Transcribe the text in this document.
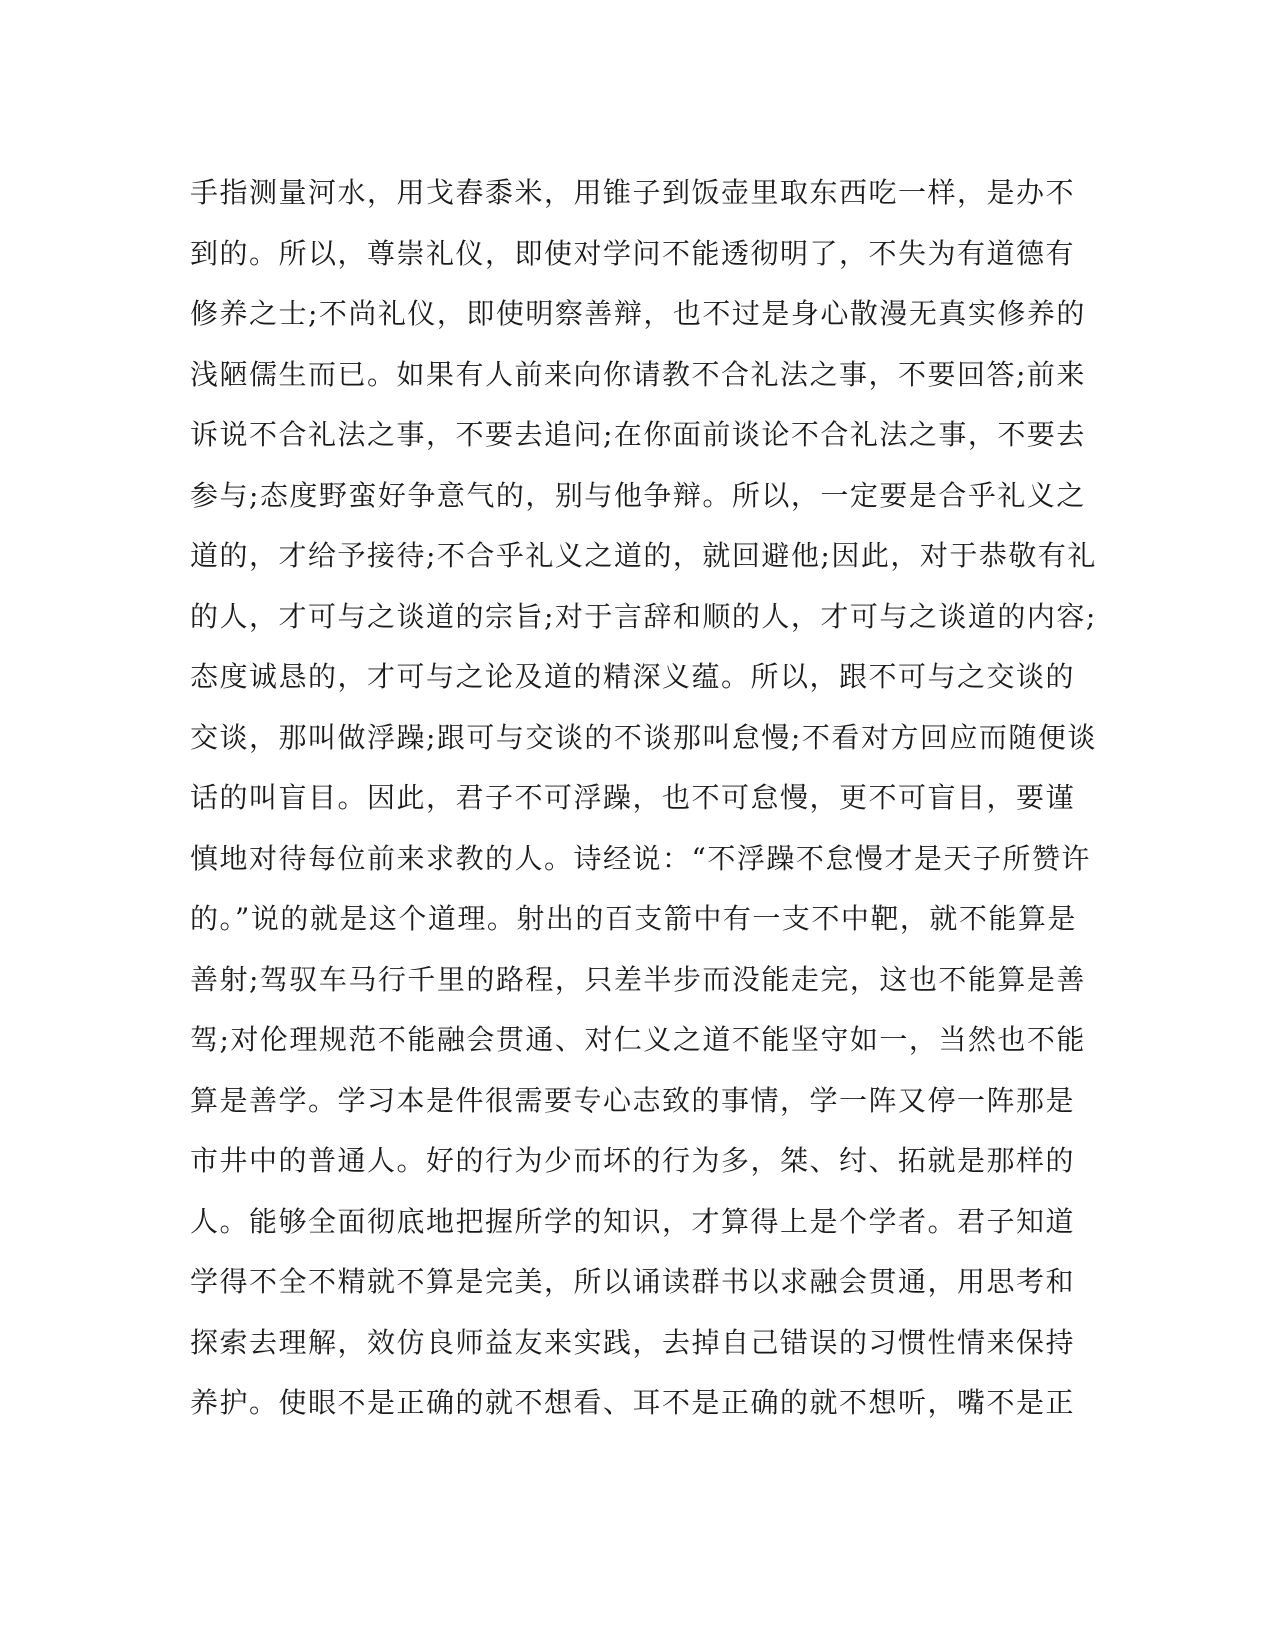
手指测量河水，用戈舂黍米，用锥子到饭壶里取东西吃一样，是办不
到的。所以，尊崇礼仪，即使对学问不能透彻明了，不失为有道德有
修养之士;不尚礼仪，即使明察善辩，也不过是身心散漫无真实修养的
浅陋儒生而已。如果有人前来向你请教不合礼法之事，不要回答;前来
诉说不合礼法之事，不要去追问;在你面前谈论不合礼法之事，不要去
参与;态度野蛮好争意气的，别与他争辩。所以，一定要是合乎礼义之
道的，才给予接待;不合乎礼义之道的，就回避他;因此，对于恭敬有礼
的人，才可与之谈道的宗旨;对于言辞和顺的人，才可与之谈道的内容;
态度诚恳的，才可与之论及道的精深义蕴。所以，跟不可与之交谈的
交谈，那叫做浮躁;跟可与交谈的不谈那叫怠慢;不看对方回应而随便谈
话的叫盲目。因此，君子不可浮躁，也不可怠慢，更不可盲目，要谨
慎地对待每位前来求教的人。诗经说：“不浮躁不怠慢才是天子所赞许
的。”说的就是这个道理。射出的百支箭中有一支不中靶，就不能算是
善射;驾驭车马行千里的路程，只差半步而没能走完，这也不能算是善
驾;对伦理规范不能融会贯通、对仁义之道不能坚守如一，当然也不能
算是善学。学习本是件很需要专心志致的事情，学一阵又停一阵那是
市井中的普通人。好的行为少而坏的行为多，桀、纣、拓就是那样的
人。能够全面彻底地把握所学的知识，才算得上是个学者。君子知道
学得不全不精就不算是完美，所以诵读群书以求融会贯通，用思考和
探索去理解，效仿良师益友来实践，去掉自己错误的习惯性情来保持
养护。使眼不是正确的就不想看、耳不是正确的就不想听，嘴不是正
